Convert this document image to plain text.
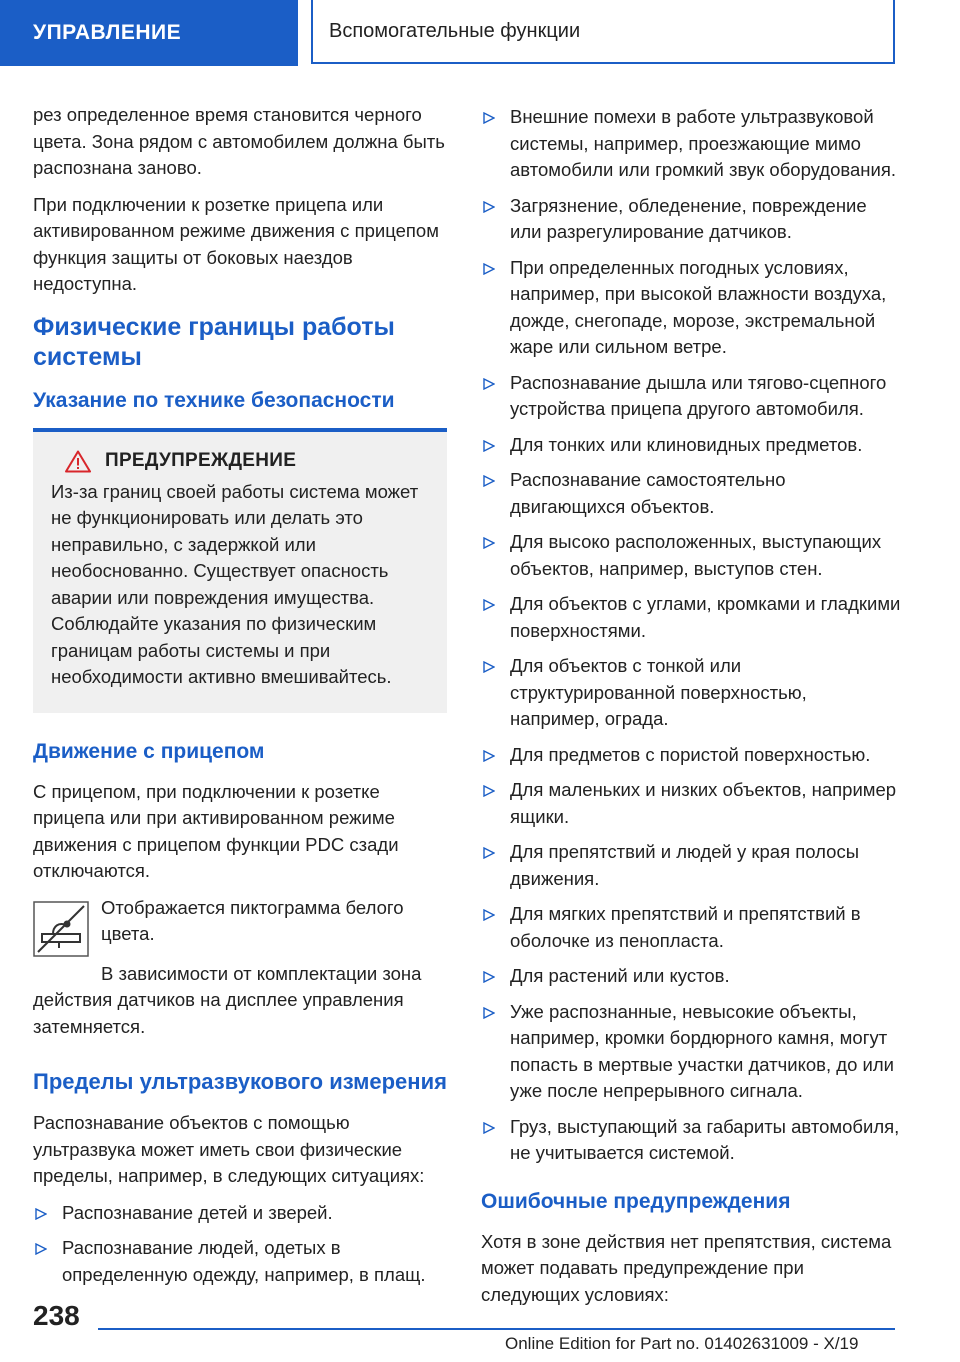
УПРАВЛЕНИЕ	Вспомогательные функции

рез определенное время становится черного цвета. Зона рядом с автомобилем должна быть распознана заново.

При подключении к розетке прицепа или активированном режиме движения с прицепом функция защиты от боковых наездов недоступна.

Физические границы работы системы
Указание по технике безопасности
ПРЕДУПРЕЖДЕНИЕ

Из-за границ своей работы система может не функционировать или делать это неправильно, с задержкой или необоснованно. Существует опасность аварии или повреждения имущества. Соблюдайте указания по физическим границам работы системы и при необходимости активно вмешивайтесь.

Движение с прицепом

С прицепом, при подключении к розетке прицепа или при активированном режиме движения с прицепом функции PDC сзади отключаются.

Отображается пиктограмма белого цвета.

В зависимости от комплектации зона действия датчиков на дисплее управления затемняется.

Пределы ультразвукового измерения

Распознавание объектов с помощью ультразвука может иметь свои физические пределы, например, в следующих ситуациях:

Распознавание детей и зверей.
Распознавание людей, одетых в определенную одежду, например, в плащ.
Внешние помехи в работе ультразвуковой системы, например, проезжающие мимо автомобили или громкий звук оборудования.
Загрязнение, обледенение, повреждение или разрегулирование датчиков.
При определенных погодных условиях, например, при высокой влажности воздуха, дожде, снегопаде, морозе, экстремальной жаре или сильном ветре.
Распознавание дышла или тягово-сцепного устройства прицепа другого автомобиля.
Для тонких или клиновидных предметов.
Распознавание самостоятельно двигающихся объектов.
Для высоко расположенных, выступающих объектов, например, выступов стен.
Для объектов с углами, кромками и гладкими поверхностями.
Для объектов с тонкой или структурированной поверхностью, например, ограда.
Для предметов с пористой поверхностью.
Для маленьких и низких объектов, например ящики.
Для препятствий и людей у края полосы движения.
Для мягких препятствий и препятствий в оболочке из пенопласта.
Для растений или кустов.
Уже распознанные, невысокие объекты, например, кромки бордюрного камня, могут попасть в мертвые участки датчиков, до или уже после непрерывного сигнала.
Груз, выступающий за габариты автомобиля, не учитывается системой.
Ошибочные предупреждения

Хотя в зоне действия нет препятствия, система может подавать предупреждение при следующих условиях:

238
Online Edition for Part no. 01402631009 - X/19
